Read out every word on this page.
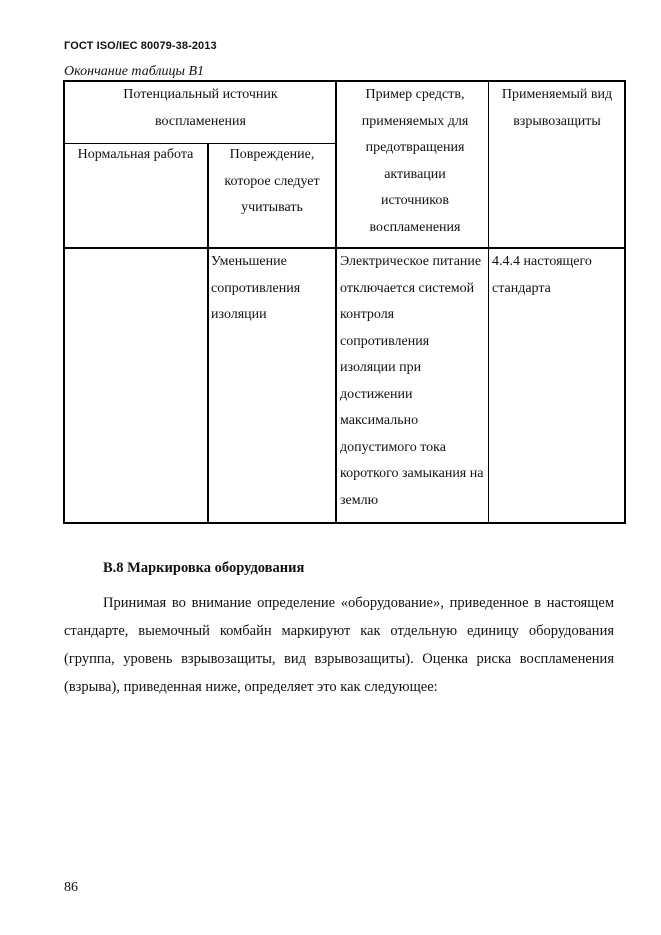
ГОСТ ISO/IEC 80079-38-2013
Окончание таблицы В1
Потенциальный источник воспламенения
Нормальная работа	Повреждение, которое следует учитывать
Пример средств, применяемых для предотвращения активации источников воспламенения
Применяемый вид взрывозащиты
Уменьшение сопротивления изоляции
Электрическое питание отключается системой контроля сопротивления изоляции при достижении максимально допустимого тока короткого замыкания на землю
4.4.4 настоящего стандарта
В.8 Маркировка оборудования
Принимая во внимание определение «оборудование», приведенное в настоящем стандарте, выемочный комбайн маркируют как отдельную единицу оборудования (группа, уровень взрывозащиты, вид взрывозащиты). Оценка риска воспламенения (взрыва), приведенная ниже, определяет это как следующее:
86
